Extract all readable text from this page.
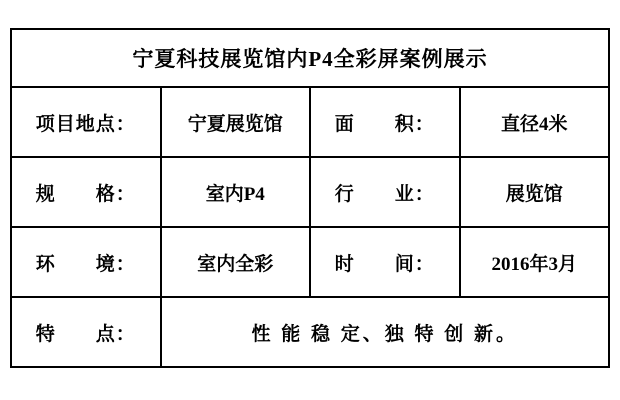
宁夏科技展览馆内P4全彩屏案例展示			
项目地点：	宁夏展览馆	面　　积：	直径4米
规　　格：	室内P4	行　　业：	展览馆
环　　境：	室内全彩	时　　间：	2016年3月
特　　点：	性 能 稳 定、独 特 创 新。		
